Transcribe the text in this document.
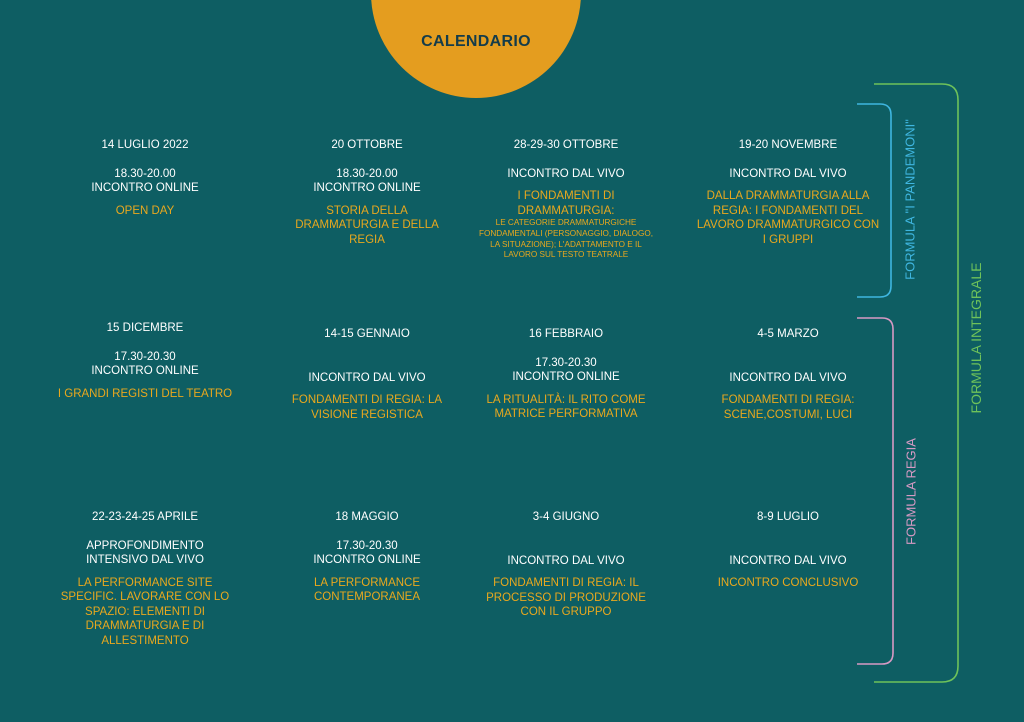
CALENDARIO
14 LUGLIO 2022
18.30-20.00
INCONTRO ONLINE
OPEN DAY
20 OTTOBRE
18.30-20.00
INCONTRO ONLINE
STORIA DELLA DRAMMATURGIA E DELLA REGIA
28-29-30 OTTOBRE
INCONTRO DAL VIVO
I FONDAMENTI DI DRAMMATURGIA:
LE CATEGORIE DRAMMATURGICHE FONDAMENTALI (PERSONAGGIO, DIALOGO, LA SITUAZIONE); L'ADATTAMENTO E IL LAVORO SUL TESTO TEATRALE
19-20 NOVEMBRE
INCONTRO DAL VIVO
DALLA DRAMMATURGIA ALLA REGIA: I FONDAMENTI DEL LAVORO DRAMMATURGICO CON I GRUPPI
15 DICEMBRE
17.30-20.30
INCONTRO ONLINE
I GRANDI REGISTI DEL TEATRO
14-15 GENNAIO
INCONTRO DAL VIVO
FONDAMENTI DI REGIA: LA VISIONE REGISTICA
16 FEBBRAIO
17.30-20.30
INCONTRO ONLINE
LA RITUALITÀ: IL RITO COME MATRICE PERFORMATIVA
4-5 MARZO
INCONTRO DAL VIVO
FONDAMENTI DI REGIA: SCENE,COSTUMI, LUCI
22-23-24-25 APRILE
APPROFONDIMENTO INTENSIVO DAL VIVO
LA PERFORMANCE SITE SPECIFIC. LAVORARE CON LO SPAZIO: ELEMENTI DI DRAMMATURGIA E DI ALLESTIMENTO
18 MAGGIO
17.30-20.30
INCONTRO ONLINE
LA PERFORMANCE CONTEMPORANEA
3-4 GIUGNO
INCONTRO DAL VIVO
FONDAMENTI DI REGIA: IL PROCESSO DI PRODUZIONE CON IL GRUPPO
8-9 LUGLIO
INCONTRO DAL VIVO
INCONTRO CONCLUSIVO
FORMULA "I PANDEMONI"
FORMULA REGIA
FORMULA INTEGRALE
